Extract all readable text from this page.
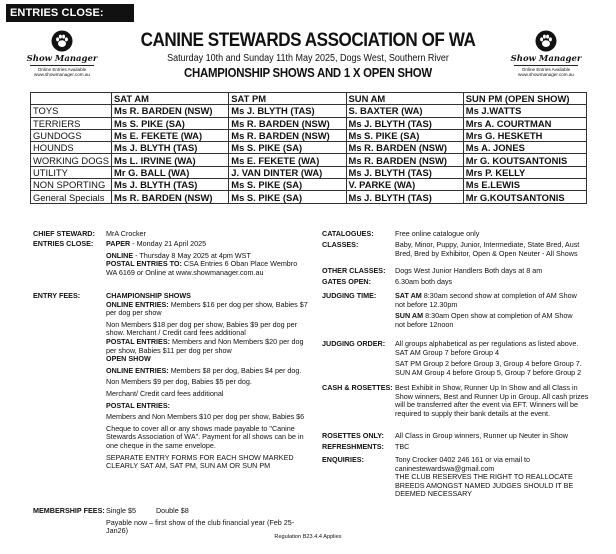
ENTRIES CLOSE: 8.05.25
Show Manager
Online Entries Available
www.showmanager.com.au
Show Manager
Online Entries Available
www.showmanager.com.au
CANINE STEWARDS ASSOCIATION OF WA
Saturday 10th and Sunday 11th May 2025, Dogs West, Southern River
CHAMPIONSHIP SHOWS AND 1 X OPEN SHOW
	SAT AM	SAT PM	SUN AM	SUN PM (OPEN SHOW)
TOYS	Ms R. BARDEN (NSW)	Ms J. BLYTH (TAS)	S. BAXTER (WA)	Ms J.WATTS
TERRIERS	Ms S. PIKE (SA)	Ms R. BARDEN (NSW)	Ms J. BLYTH (TAS)	Mrs A. COURTMAN
GUNDOGS	Ms E. FEKETE (WA)	Ms R. BARDEN (NSW)	Ms S. PIKE (SA)	Mrs G. HESKETH
HOUNDS	Ms J. BLYTH (TAS)	Ms S. PIKE (SA)	Ms R. BARDEN (NSW)	Ms A. JONES
WORKING DOGS	Ms L. IRVINE (WA)	Ms E. FEKETE (WA)	Ms R. BARDEN (NSW)	Mr G. KOUTSANTONIS
UTILITY	Mr G. BALL (WA)	J. VAN DINTER (WA)	Ms J. BLYTH (TAS)	Mrs P. KELLY
NON SPORTING	Ms J. BLYTH (TAS)	Ms S. PIKE (SA)	V. PARKE (WA)	Ms E.LEWIS
General Specials	Ms R. BARDEN (NSW)	Ms S. PIKE (SA)	Ms J. BLYTH (TAS)	Mr G.KOUTSANTONIS
CHIEF STEWARD: MrA Crocker
ENTRIES CLOSE: PAPER - Monday 21 April 2025

ONLINE - Thursday 8 May 2025 at 4pm WST

POSTAL ENTRIES TO: CSA Entries 6 Oban Place Wembro WA 6169 or Online at www.showmanager.com.au

ENTRY FEES:	CHAMPIONSHIP SHOWS

ONLINE ENTRIES: Members $16 per dog per show, Babies $7 per dog per show

Non Members $18 per dog per show, Babies $9 per dog per show. Merchant / Credit card fees additional

POSTAL ENTRIES: Members and Non Members $20 per dog per show, Babies $11 per dog per show

OPEN SHOW

ONLINE ENTRIES: Members $8 per dog, Babies $4 per dog.

Non Members $9 per dog, Babies $5 per dog.

Merchant/ Credit card fees additional

POSTAL ENTRIES:

Members and Non Members $10 per dog per show, Babies $6

Cheque to cover all or any shows made payable to "Canine Stewards Association of WA". Payment for all shows can be in one cheque in the same envelope.

SEPARATE ENTRY FORMS FOR EACH SHOW MARKED CLEARLY SAT AM, SAT PM, SUN AM OR SUN PM

MEMBERSHIP FEES: Single $5	Double $8

Payable now – first show of the club financial year (Feb 25-Jan26)

CATALOGUES:	Free online catalogue only
CLASSES:	Baby, Minor, Puppy, Junior, Intermediate, State Bred, Aust Bred, Bred by Exhibitor, Open & Open Neuter - All Shows
OTHER CLASSES: Dogs West Junior Handlers Both days at 8 am
GATES OPEN:	6.30am both days
JUDGING TIME:	SAT AM 8:30am second show at completion of AM Show not before 12.30pm

SUN AM 8:30am Open show at completion of AM Show not before 12noon

JUDGING ORDER: All groups alphabetical as per regulations as listed above.

SAT AM Group 7 before Group 4

SAT PM Group 2 before Group 3, Group 4 before Group 7.

SUN AM Group 4 before Group 5, Group 7 before Group 2

CASH & ROSETTES: Best Exhibit in Show, Runner Up In Show and all Class in Show winners, Best and Runner Up in Group. All cash prizes will be transferred after the event via EFT. Winners will be required to supply their bank details at the event.
ROSETTES ONLY: All Class in Group winners, Runner up Neuter in Show
REFRESHMENTS: TBC
ENQUIRIES:	Tony Crocker 0402 246 161 or via email to

caninestewardswa@gmail.com

THE CLUB RESERVES THE RIGHT TO REALLOCATE BREEDS AMONGST NAMED JUDGES SHOULD IT BE DEEMED NECESSARY

Regulation B23.4.4 Applies
